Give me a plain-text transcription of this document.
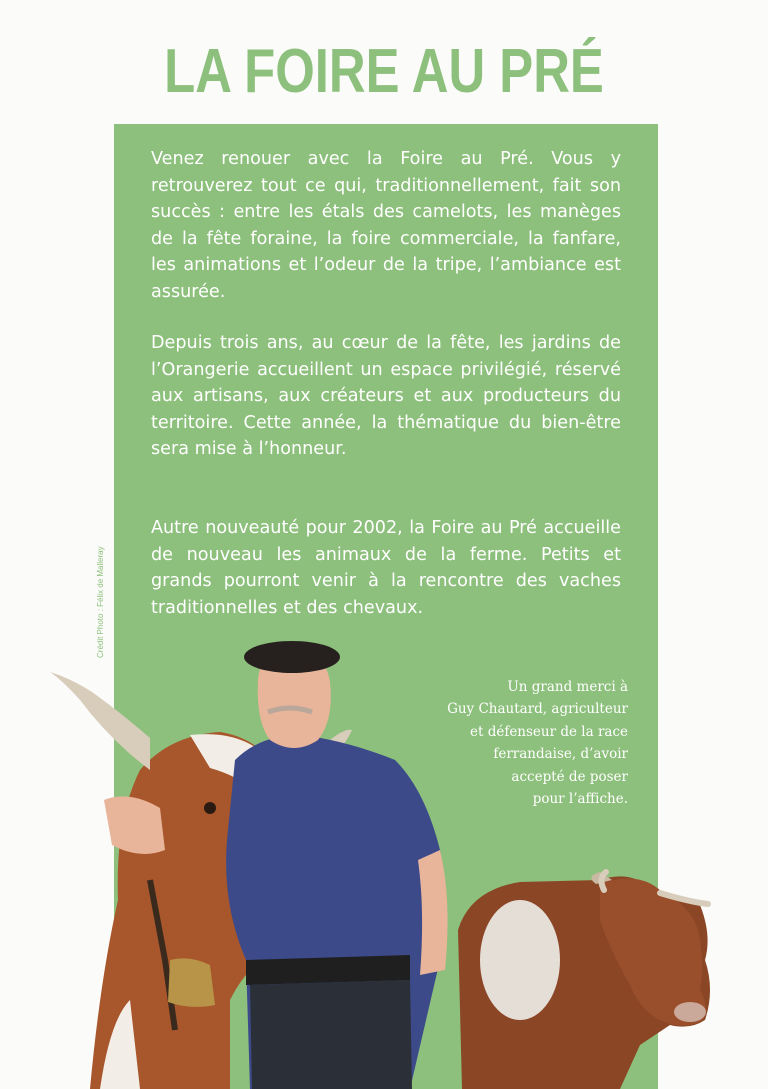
LA FOIRE AU PRÉ

Venez renouer avec la Foire au Pré. Vous y retrouverez tout ce qui, traditionnellement, fait son succès : entre les étals des camelots, les manèges de la fête foraine, la foire commerciale, la fanfare, les animations et l’odeur de la tripe, l’ambiance est assurée.

Depuis trois ans, au cœur de la fête, les jardins de l’Orangerie accueillent un espace privilégié, réservé aux artisans, aux créateurs et aux producteurs du territoire. Cette année, la thématique du bien-être sera mise à l’honneur.

Autre nouveauté pour 2002, la Foire au Pré accueille de nouveau les animaux de la ferme. Petits et grands pourront venir à la rencontre des vaches traditionnelles et des chevaux.

Un grand merci à
Guy Chautard, agriculteur
et défenseur de la race
ferrandaise, d’avoir
accepté de poser
pour l’affiche.
Crédit Photo : Félix de Malleray
